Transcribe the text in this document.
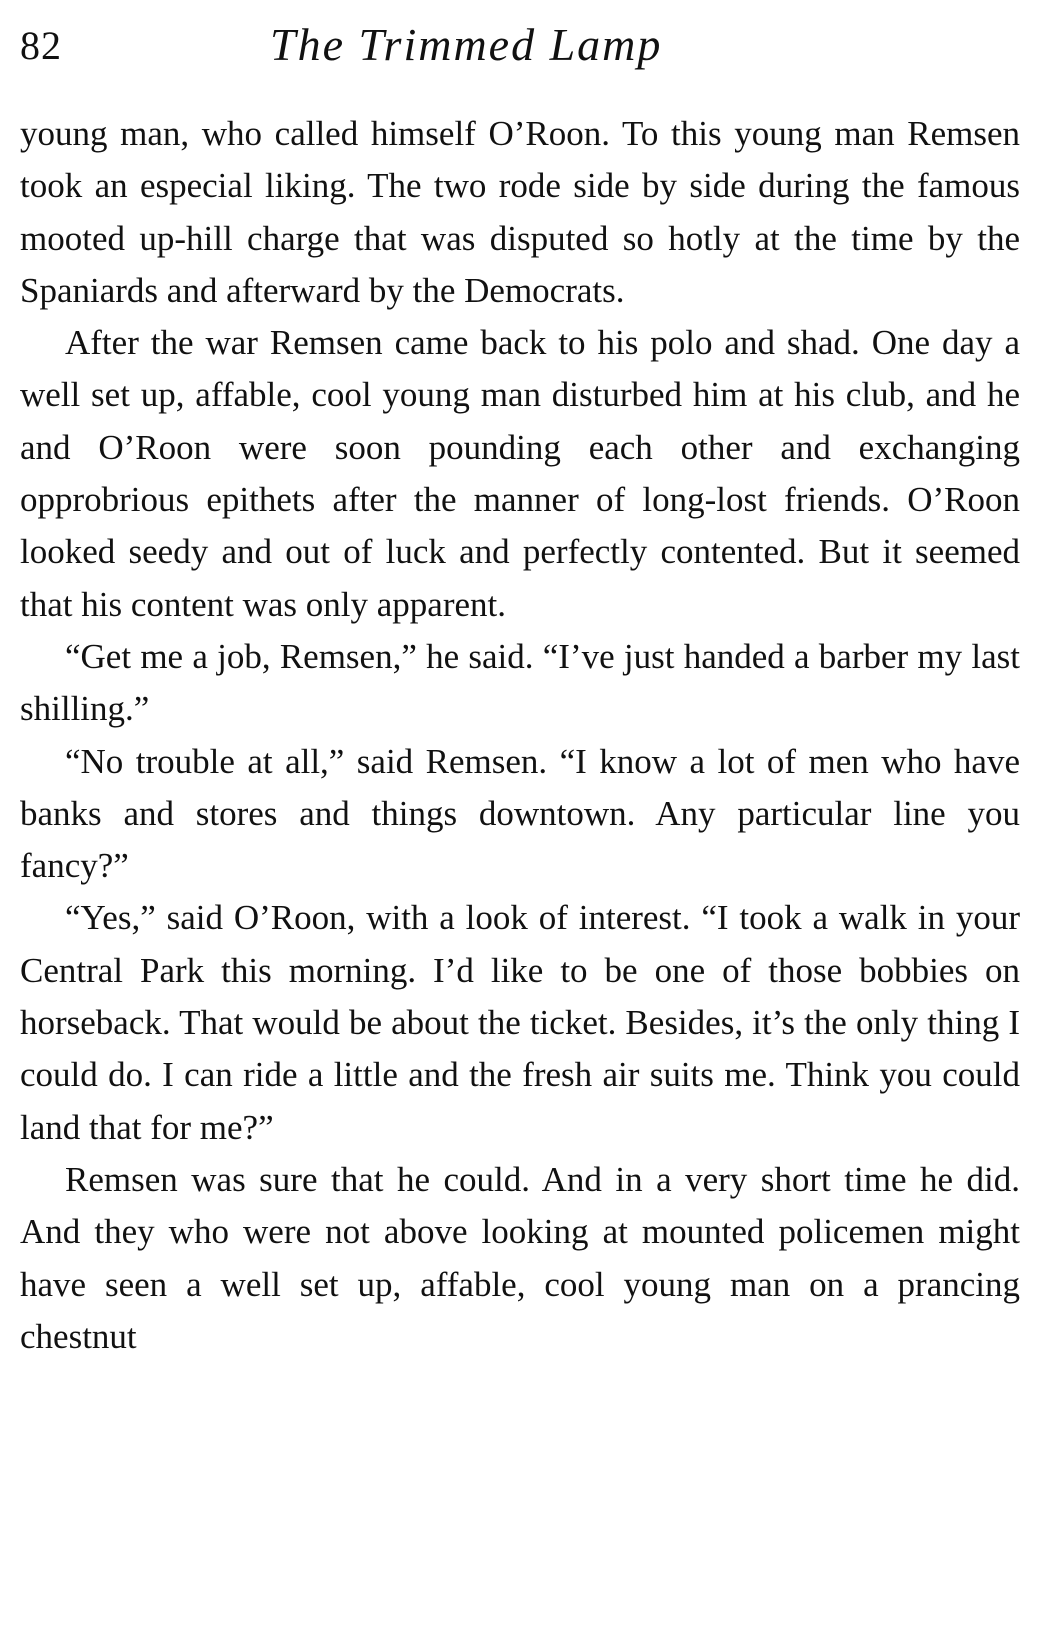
82	The Trimmed Lamp

young man, who called himself O’Roon. To this young man Remsen took an especial liking. The two rode side by side during the famous mooted up-hill charge that was disputed so hotly at the time by the Spaniards and afterward by the Democrats.

After the war Remsen came back to his polo and shad. One day a well set up, affable, cool young man disturbed him at his club, and he and O’Roon were soon pounding each other and exchanging opprobrious epithets after the manner of long-lost friends. O’Roon looked seedy and out of luck and perfectly contented. But it seemed that his content was only apparent.

“Get me a job, Remsen,” he said. “I’ve just handed a barber my last shilling.”

“No trouble at all,” said Remsen. “I know a lot of men who have banks and stores and things downtown. Any particular line you fancy?”

“Yes,” said O’Roon, with a look of interest. “I took a walk in your Central Park this morning. I’d like to be one of those bobbies on horseback. That would be about the ticket. Besides, it’s the only thing I could do. I can ride a little and the fresh air suits me. Think you could land that for me?”

Remsen was sure that he could. And in a very short time he did. And they who were not above looking at mounted policemen might have seen a well set up, affable, cool young man on a prancing chestnut
